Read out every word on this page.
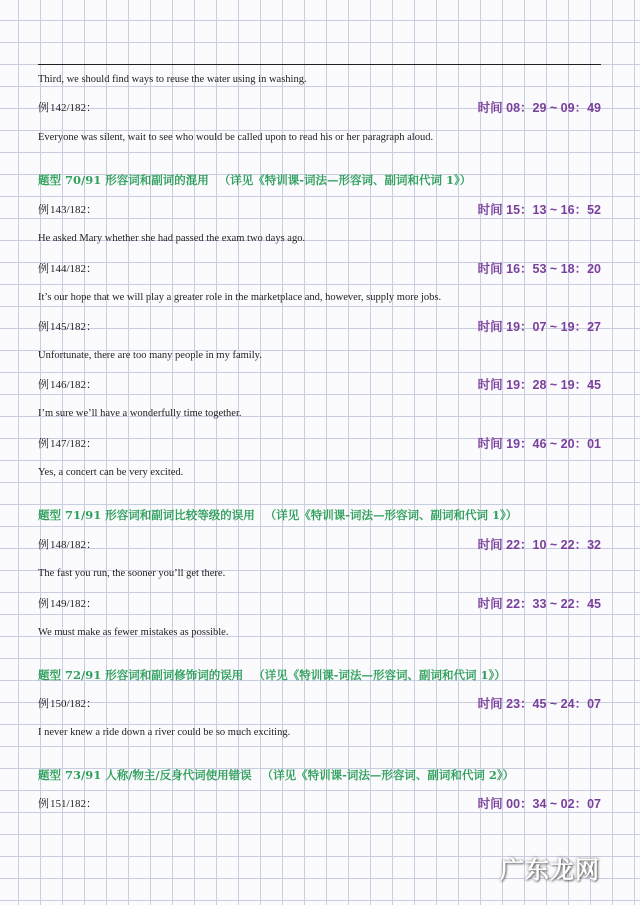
Third, we should find ways to reuse the water using in washing.
例142/182：	时间 08：29 ~ 09：49
Everyone was silent, wait to see who would be called upon to read his or her paragraph aloud.
题型 70/91 形容词和副词的混用 （详见《特训课-词法—形容词、副词和代词 1》）
例143/182：	时间 15：13 ~ 16：52
He asked Mary whether she had passed the exam two days ago.
例144/182：	时间 16：53 ~ 18：20
It’s our hope that we will play a greater role in the marketplace and, however, supply more jobs.
例145/182：	时间 19：07 ~ 19：27
Unfortunate, there are too many people in my family.
例146/182：	时间 19：28 ~ 19：45
I’m sure we’ll have a wonderfully time together.
例147/182：	时间 19：46 ~ 20：01
Yes, a concert can be very excited.
题型 71/91 形容词和副词比较等级的误用 （详见《特训课-词法—形容词、副词和代词 1》）
例148/182：	时间 22：10 ~ 22：32
The fast you run, the sooner you’ll get there.
例149/182：	时间 22：33 ~ 22：45
We must make as fewer mistakes as possible.
题型 72/91 形容词和副词修饰词的误用 （详见《特训课-词法—形容词、副词和代词 1》）
例150/182：	时间 23：45 ~ 24：07
I never knew a ride down a river could be so much exciting.
题型 73/91 人称/物主/反身代词使用错误 （详见《特训课-词法—形容词、副词和代词 2》）
例151/182：	时间 00：34 ~ 02：07
广东龙网
